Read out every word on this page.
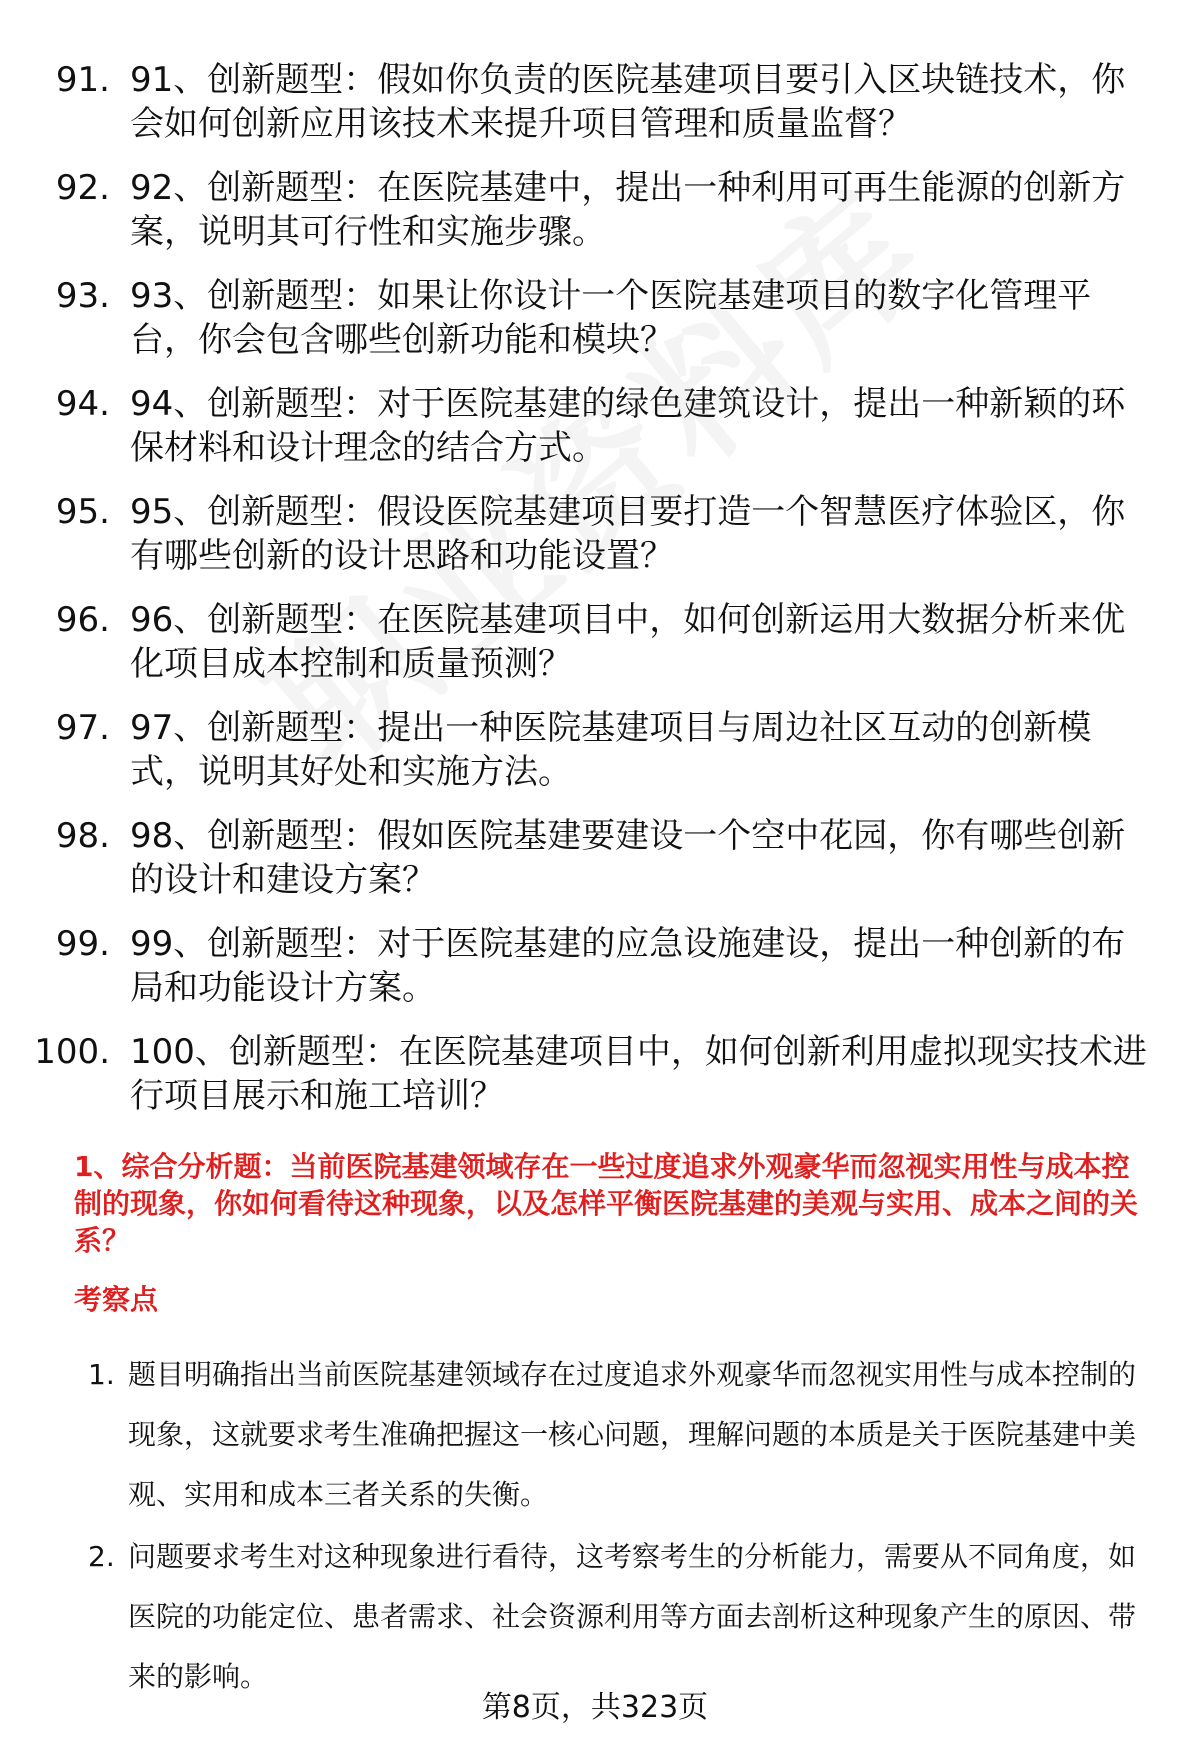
91. 91、创新题型：假如你负责的医院基建项目要引入区块链技术，你会如何创新应用该技术来提升项目管理和质量监督？
92. 92、创新题型：在医院基建中，提出一种利用可再生能源的创新方案，说明其可行性和实施步骤。
93. 93、创新题型：如果让你设计一个医院基建项目的数字化管理平台，你会包含哪些创新功能和模块？
94. 94、创新题型：对于医院基建的绿色建筑设计，提出一种新颖的环保材料和设计理念的结合方式。
95. 95、创新题型：假设医院基建项目要打造一个智慧医疗体验区，你有哪些创新的设计思路和功能设置？
96. 96、创新题型：在医院基建项目中，如何创新运用大数据分析来优化项目成本控制和质量预测？
97. 97、创新题型：提出一种医院基建项目与周边社区互动的创新模式，说明其好处和实施方法。
98. 98、创新题型：假如医院基建要建设一个空中花园，你有哪些创新的设计和建设方案？
99. 99、创新题型：对于医院基建的应急设施建设，提出一种创新的布局和功能设计方案。
100. 100、创新题型：在医院基建项目中，如何创新利用虚拟现实技术进行项目展示和施工培训？
1、综合分析题：当前医院基建领域存在一些过度追求外观豪华而忽视实用性与成本控制的现象，你如何看待这种现象，以及怎样平衡医院基建的美观与实用、成本之间的关系？
考察点
1. 题目明确指出当前医院基建领域存在过度追求外观豪华而忽视实用性与成本控制的现象，这就要求考生准确把握这一核心问题，理解问题的本质是关于医院基建中美观、实用和成本三者关系的失衡。
2. 问题要求考生对这种现象进行看待，这考察考生的分析能力，需要从不同角度，如医院的功能定位、患者需求、社会资源利用等方面去剖析这种现象产生的原因、带来的影响。
第8页，共323页
